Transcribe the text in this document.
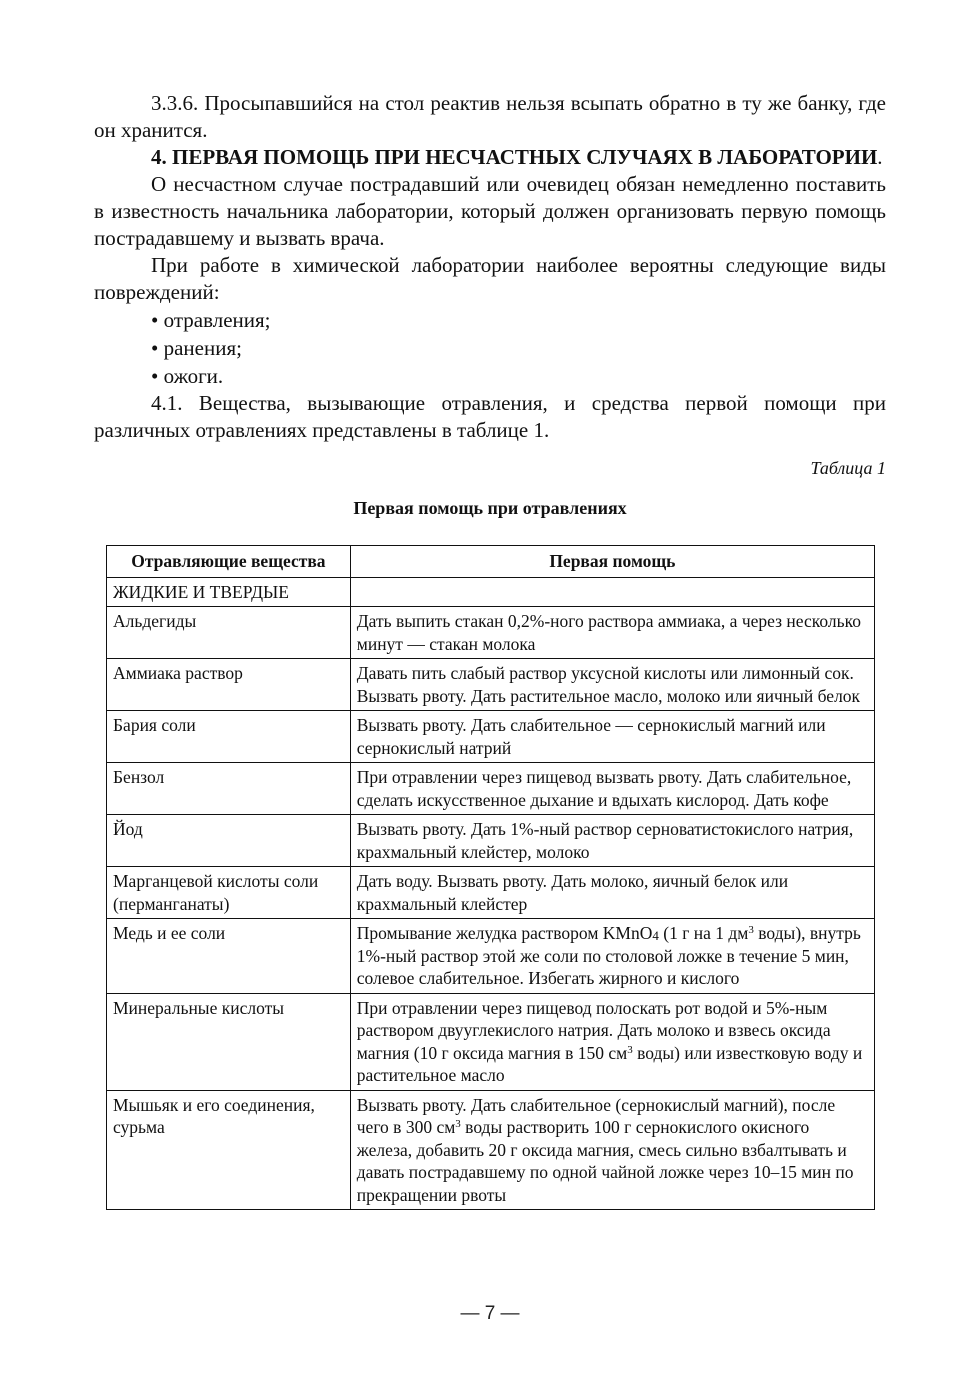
3.3.6. Просыпавшийся на стол реактив нельзя всыпать обратно в ту же банку, где он хранится.

4. ПЕРВАЯ ПОМОЩЬ ПРИ НЕСЧАСТНЫХ СЛУЧАЯХ В ЛАБОРАТОРИИ.

О несчастном случае пострадавший или очевидец обязан немедленно поставить в известность начальника лаборатории, который должен организовать первую помощь пострадавшему и вызвать врача.

При работе в химической лаборатории наиболее вероятны следующие виды повреждений:

• отравления;
• ранения;
• ожоги.

4.1. Вещества, вызывающие отравления, и средства первой помощи при различных отравлениях представлены в таблице 1.

Таблица 1
Первая помощь при отравлениях
Отравляющие вещества	Первая помощь
ЖИДКИЕ И ТВЕРДЫЕ	
Альдегиды	Дать выпить стакан 0,2%-ного раствора аммиака, а через несколько минут — стакан молока
Аммиака раствор	Давать пить слабый раствор уксусной кислоты или лимонный сок. Вызвать рвоту. Дать растительное масло, молоко или яичный белок
Бария соли	Вызвать рвоту. Дать слабительное — сернокислый магний или сернокислый натрий
Бензол	При отравлении через пищевод вызвать рвоту. Дать слабительное, сделать искусственное дыхание и вдыхать кислород. Дать кофе
Йод	Вызвать рвоту. Дать 1%-ный раствор серноватистокислого натрия, крахмальный клейстер, молоко
Марганцевой кислоты соли (перманганаты)	Дать воду. Вызвать рвоту. Дать молоко, яичный белок или крахмальный клейстер
Медь и ее соли	Промывание желудка раствором KMnO$_4$ (1 г на 1 $дм^3$ воды), внутрь 1%-ный раствор этой же соли по столовой ложке в течение 5 мин, солевое слабительное. Избегать жирного и кислого
Минеральные кислоты	При отравлении через пищевод полоскать рот водой и 5%-ным раствором двууглекислого натрия. Дать молоко и взвесь оксида магния (10 г оксида магния в 150 $см^3$ воды) или известковую воду и растительное масло
Мышьяк и его соединения, сурьма	Вызвать рвоту. Дать слабительное (сернокислый магний), после чего в 300 $см^3$ воды растворить 100 г сернокислого окисного железа, добавить 20 г оксида магния, смесь сильно взбалтывать и давать пострадавшему по одной чайной ложке через 10–15 мин по прекращении рвоты
— 7 —
